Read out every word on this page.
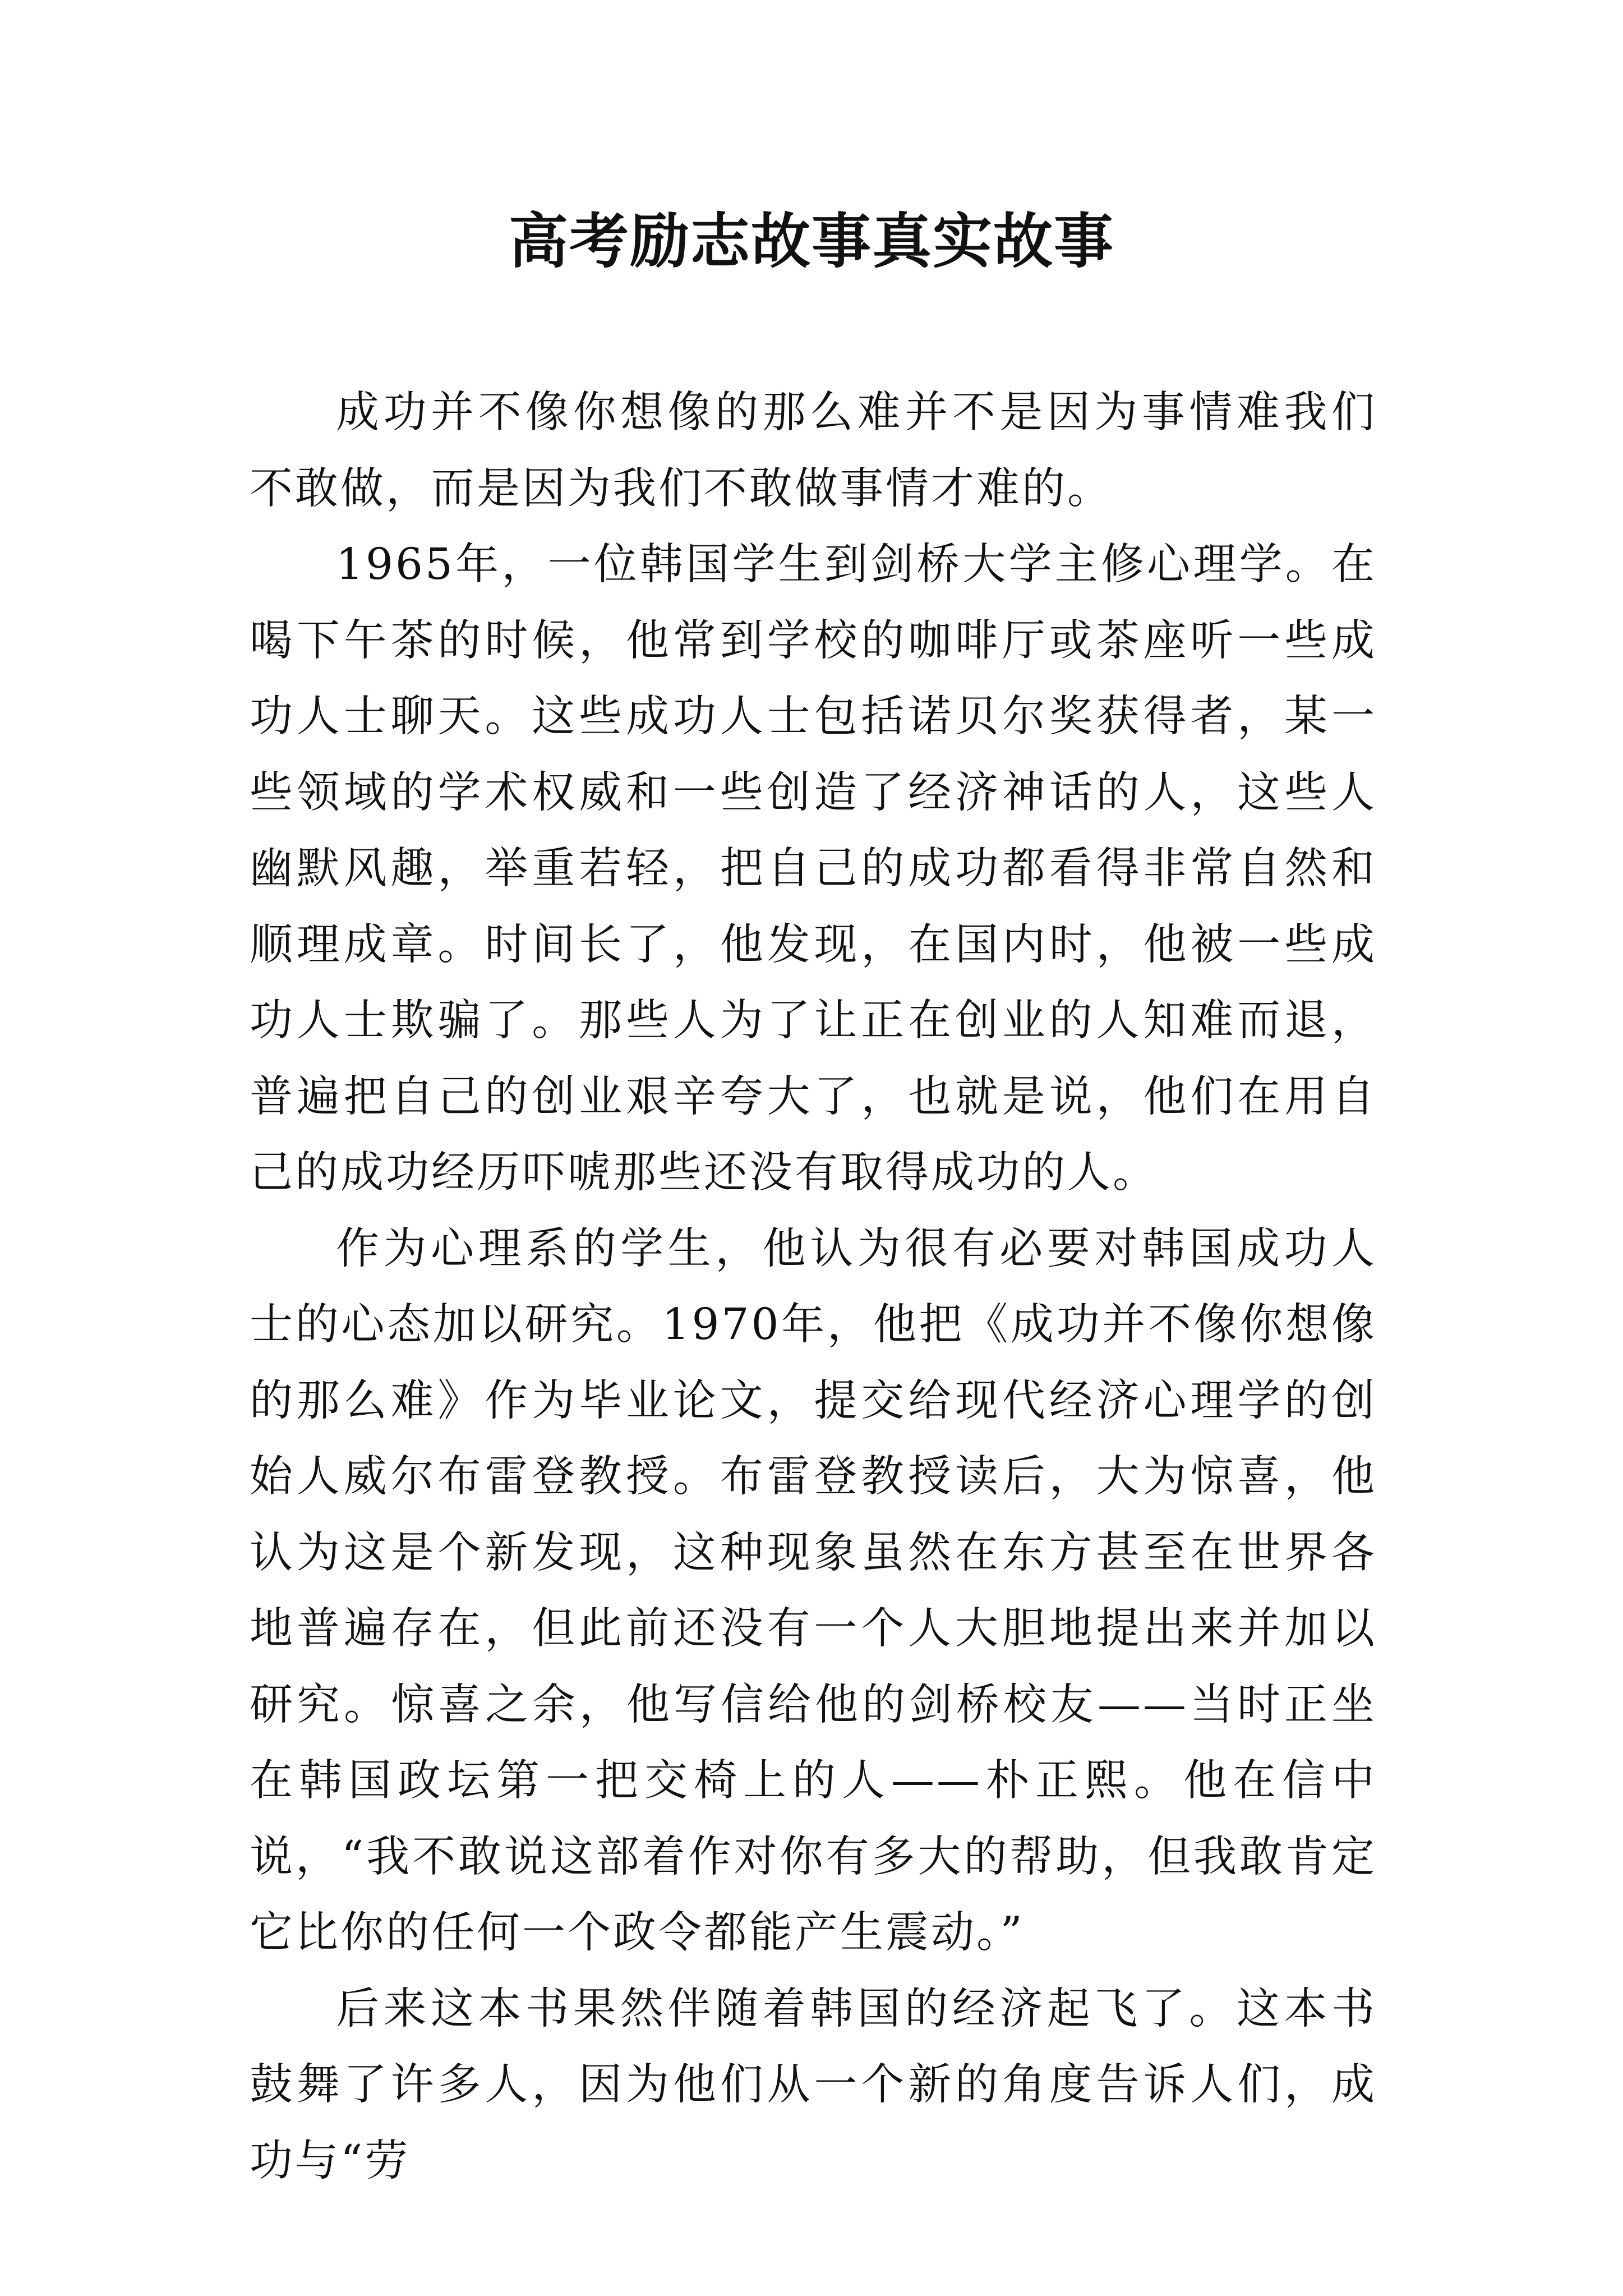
高考励志故事真实故事

成功并不像你想像的那么难并不是因为事情难我们不敢做，而是因为我们不敢做事情才难的。

1965年，一位韩国学生到剑桥大学主修心理学。在喝下午茶的时候，他常到学校的咖啡厅或茶座听一些成功人士聊天。这些成功人士包括诺贝尔奖获得者，某一些领域的学术权威和一些创造了经济神话的人，这些人幽默风趣，举重若轻，把自己的成功都看得非常自然和顺理成章。时间长了，他发现，在国内时，他被一些成功人士欺骗了。那些人为了让正在创业的人知难而退，普遍把自己的创业艰辛夸大了，也就是说，他们在用自己的成功经历吓唬那些还没有取得成功的人。

作为心理系的学生，他认为很有必要对韩国成功人士的心态加以研究。1970年，他把《成功并不像你想像的那么难》作为毕业论文，提交给现代经济心理学的创始人威尔布雷登教授。布雷登教授读后，大为惊喜，他认为这是个新发现，这种现象虽然在东方甚至在世界各地普遍存在，但此前还没有一个人大胆地提出来并加以研究。惊喜之余，他写信给他的剑桥校友——当时正坐在韩国政坛第一把交椅上的人——朴正熙。他在信中说，“我不敢说这部着作对你有多大的帮助，但我敢肯定它比你的任何一个政令都能产生震动。”

后来这本书果然伴随着韩国的经济起飞了。这本书鼓舞了许多人，因为他们从一个新的角度告诉人们，成功与“劳
